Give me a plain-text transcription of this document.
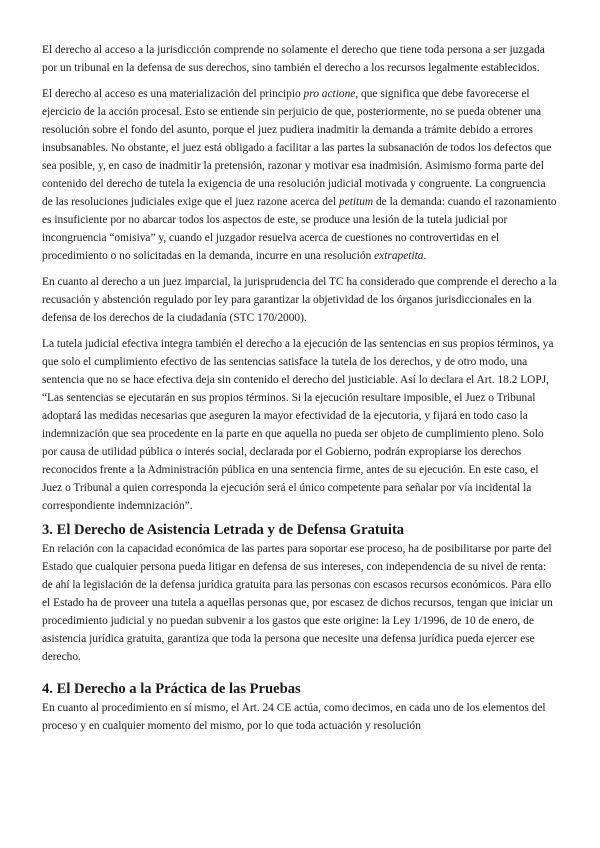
El derecho al acceso a la jurisdicción comprende no solamente el derecho que tiene toda persona a ser juzgada por un tribunal en la defensa de sus derechos, sino también el derecho a los recursos legalmente establecidos.

El derecho al acceso es una materialización del principio pro actione, que significa que debe favorecerse el ejercicio de la acción procesal. Esto se entiende sin perjuicio de que, posteriormente, no se pueda obtener una resolución sobre el fondo del asunto, porque el juez pudiera inadmitir la demanda a trámite debido a errores insubsanables. No obstante, el juez está obligado a facilitar a las partes la subsanación de todos los defectos que sea posible, y, en caso de inadmitir la pretensión, razonar y motivar esa inadmisión. Asimismo forma parte del contenido del derecho de tutela la exigencia de una resolución judicial motivada y congruente. La congruencia de las resoluciones judiciales exige que el juez razone acerca del petitum de la demanda: cuando el razonamiento es insuficiente por no abarcar todos los aspectos de este, se produce una lesión de la tutela judicial por incongruencia “omisiva” y, cuando el juzgador resuelva acerca de cuestiones no controvertidas en el procedimiento o no solicitadas en la demanda, incurre en una resolución extrapetita.

En cuanto al derecho a un juez imparcial, la jurisprudencia del TC ha considerado que comprende el derecho a la recusación y abstención regulado por ley para garantizar la objetividad de los órganos jurisdiccionales en la defensa de los derechos de la ciudadanía (STC 170/2000).

La tutela judicial efectiva integra también el derecho a la ejecución de las sentencias en sus propios términos, ya que solo el cumplimiento efectivo de las sentencias satisface la tutela de los derechos, y de otro modo, una sentencia que no se hace efectiva deja sin contenido el derecho del justiciable. Así lo declara el Art. 18.2 LOPJ, “Las sentencias se ejecutarán en sus propios términos. Si la ejecución resultare imposible, el Juez o Tribunal adoptará las medidas necesarias que aseguren la mayor efectividad de la ejecutoria, y fijará en todo caso la indemnización que sea procedente en la parte en que aquella no pueda ser objeto de cumplimiento pleno. Solo por causa de utilidad pública o interés social, declarada por el Gobierno, podrán expropiarse los derechos reconocidos frente a la Administración pública en una sentencia firme, antes de su ejecución. En este caso, el Juez o Tribunal a quien corresponda la ejecución será el único competente para señalar por vía incidental la correspondiente indemnización”.

3. El Derecho de Asistencia Letrada y de Defensa Gratuita

En relación con la capacidad económica de las partes para soportar ese proceso, ha de posibilitarse por parte del Estado que cualquier persona pueda litigar en defensa de sus intereses, con independencia de su nivel de renta: de ahí la legislación de la defensa jurídica gratuita para las personas con escasos recursos económicos. Para ello el Estado ha de proveer una tutela a aquellas personas que, por escasez de dichos recursos, tengan que iniciar un procedimiento judicial y no puedan subvenir a los gastos que este origine: la Ley 1/1996, de 10 de enero, de asistencia jurídica gratuita, garantiza que toda la persona que necesite una defensa jurídica pueda ejercer ese derecho.

4. El Derecho a la Práctica de las Pruebas

En cuanto al procedimiento en sí mismo, el Art. 24 CE actúa, como decimos, en cada uno de los elementos del proceso y en cualquier momento del mismo, por lo que toda actuación y resolución
